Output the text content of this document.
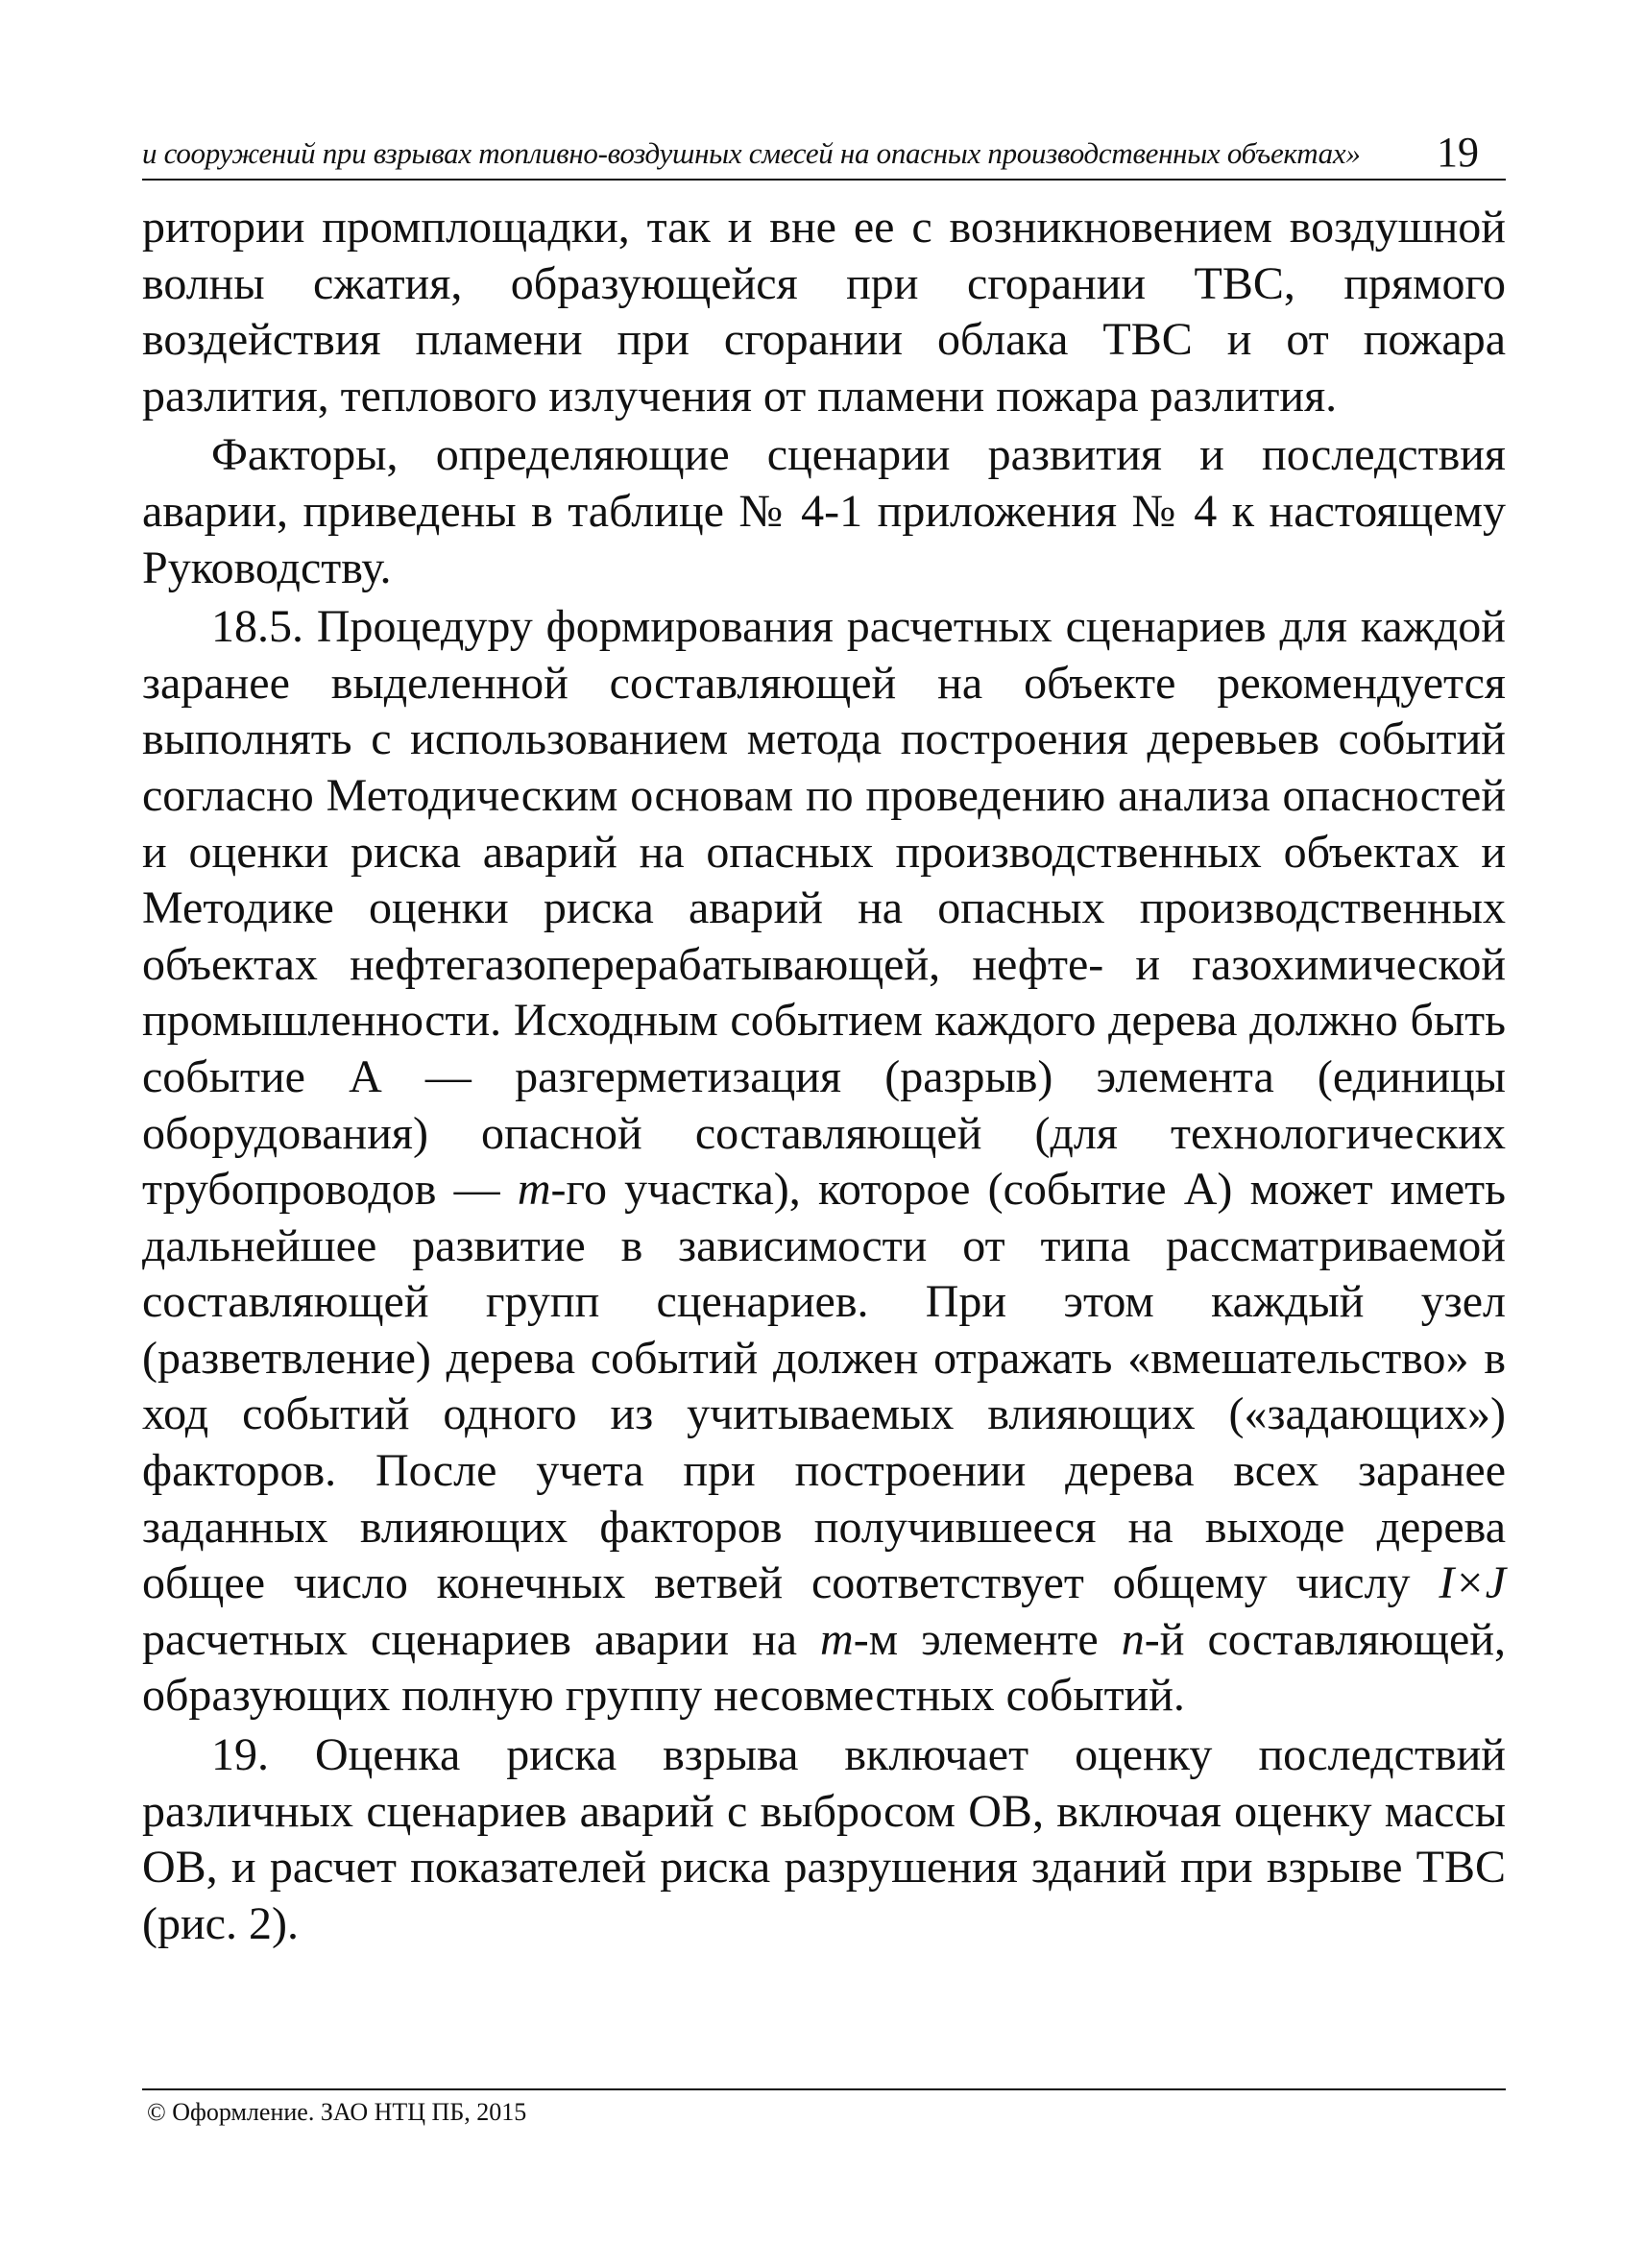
и сооружений при взрывах топливно-воздушных смесей на опасных производственных объектах»	19

ритории промплощадки, так и вне ее с возникновением воздушной волны сжатия, образующейся при сгорании ТВС, прямого воздействия пламени при сгорании облака ТВС и от пожара разлития, теплового излучения от пламени пожара разлития.

Факторы, определяющие сценарии развития и последствия аварии, приведены в таблице № 4-1 приложения № 4 к настоящему Руководству.

18.5. Процедуру формирования расчетных сценариев для каждой заранее выделенной составляющей на объекте рекомендуется выполнять с использованием метода построения деревьев событий согласно Методическим основам по проведению анализа опасностей и оценки риска аварий на опасных производственных объектах и Методике оценки риска аварий на опасных производственных объектах нефтегазоперерабатывающей, нефте- и газохимической промышленности. Исходным событием каждого дерева должно быть событие А — разгерметизация (разрыв) элемента (единицы оборудования) опасной составляющей (для технологических трубопроводов — m-го участка), которое (событие А) может иметь дальнейшее развитие в зависимости от типа рассматриваемой составляющей групп сценариев. При этом каждый узел (разветвление) дерева событий должен отражать «вмешательство» в ход событий одного из учитываемых влияющих («задающих») факторов. После учета при построении дерева всех заранее заданных влияющих факторов получившееся на выходе дерева общее число конечных ветвей соответствует общему числу I×J расчетных сценариев аварии на m-м элементе n-й составляющей, образующих полную группу несовместных событий.

19. Оценка риска взрыва включает оценку последствий различных сценариев аварий с выбросом ОВ, включая оценку массы ОВ, и расчет показателей риска разрушения зданий при взрыве ТВС (рис. 2).

© Оформление. ЗАО НТЦ ПБ, 2015
